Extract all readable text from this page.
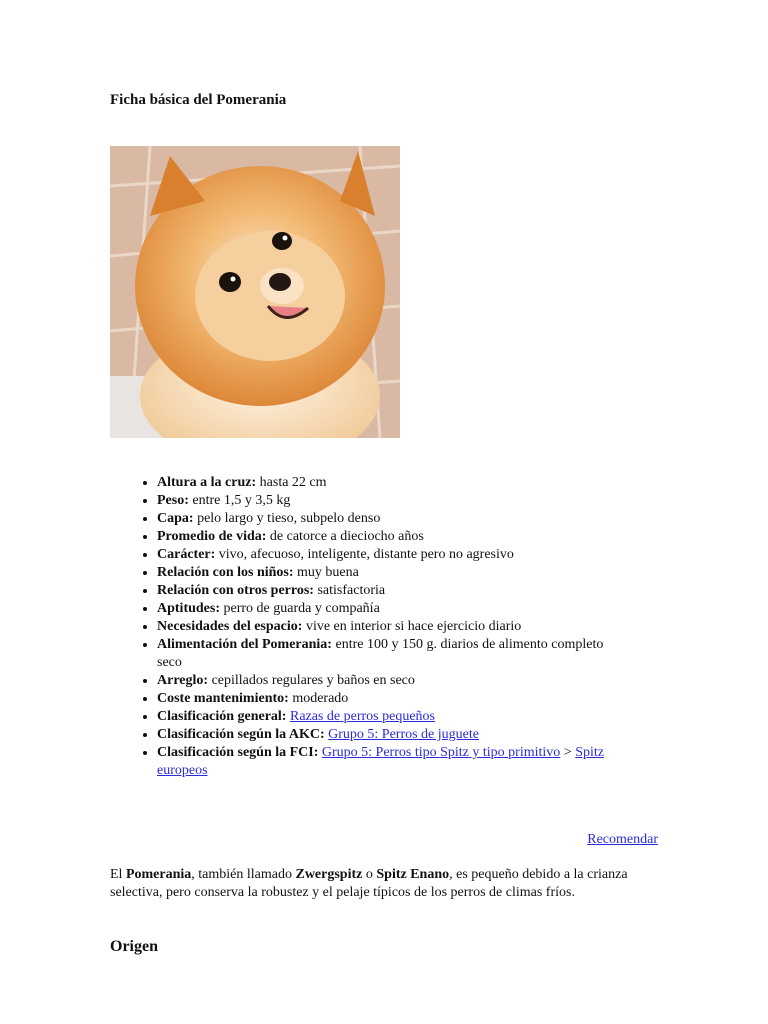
Ficha básica del Pomerania
• Altura a la cruz: hasta 22 cm
• Peso: entre 1,5 y 3,5 kg
• Capa: pelo largo y tieso, subpelo denso
• Promedio de vida: de catorce a dieciocho años
• Carácter: vivo, afecuoso, inteligente, distante pero no agresivo
• Relación con los niños: muy buena
• Relación con otros perros: satisfactoria
• Aptitudes: perro de guarda y compañía
• Necesidades del espacio: vive en interior si hace ejercicio diario
• Alimentación del Pomerania: entre 100 y 150 g. diarios de alimento completo seco
• Arreglo: cepillados regulares y baños en seco
• Coste mantenimiento: moderado
• Clasificación general: Razas de perros pequeños
• Clasificación según la AKC: Grupo 5: Perros de juguete
• Clasificación según la FCI: Grupo 5: Perros tipo Spitz y tipo primitivo > Spitz europeos
Recomendar

El Pomerania, también llamado Zwergspitz o Spitz Enano, es pequeño debido a la crianza selectiva, pero conserva la robustez y el pelaje típicos de los perros de climas fríos.

Origen
